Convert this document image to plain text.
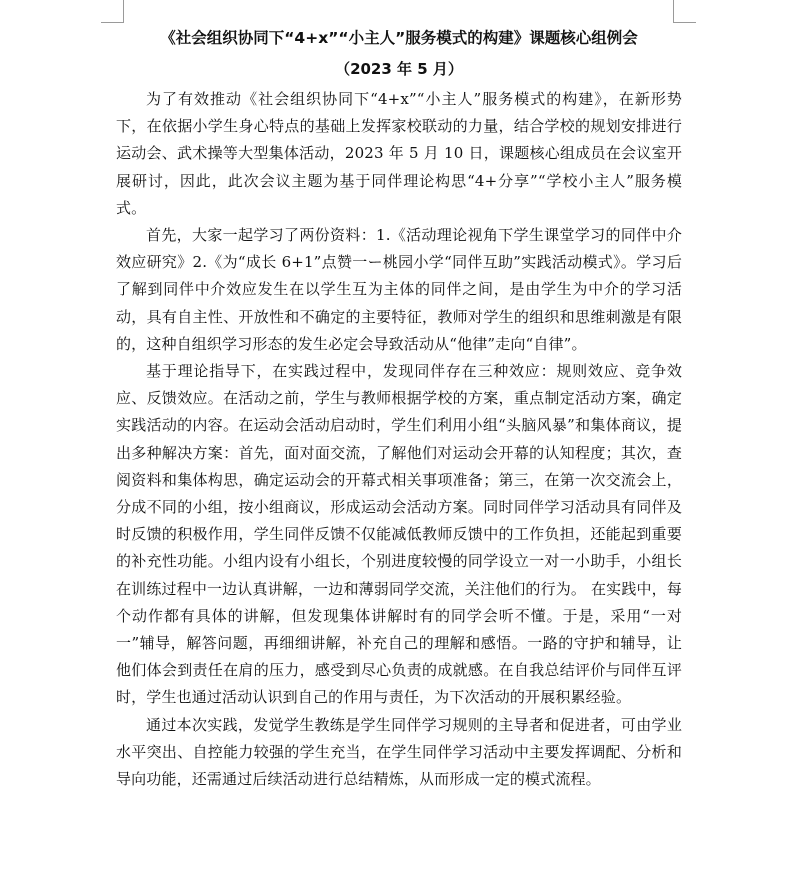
《社会组织协同下“4+x”“小主人”服务模式的构建》课题核心组例会
（2023 年 5 月）

为了有效推动《社会组织协同下“4+x”“小主人”服务模式的构建》，在新形势下，在依据小学生身心特点的基础上发挥家校联动的力量，结合学校的规划安排进行运动会、武术操等大型集体活动，2023 年 5 月 10 日，课题核心组成员在会议室开展研讨，因此，此次会议主题为基于同伴理论构思“4+分享”“学校小主人”服务模式。

首先，大家一起学习了两份资料：1.《活动理论视角下学生课堂学习的同伴中介效应研究》2.《为“成长 6+1”点赞一ー桃园小学“同伴互助”实践活动模式》。学习后了解到同伴中介效应发生在以学生互为主体的同伴之间，是由学生为中介的学习活动，具有自主性、开放性和不确定的主要特征，教师对学生的组织和思维刺激是有限的，这种自组织学习形态的发生必定会导致活动从“他律”走向“自律”。

基于理论指导下，在实践过程中，发现同伴存在三种效应：规则效应、竞争效应、反馈效应。在活动之前，学生与教师根据学校的方案，重点制定活动方案，确定实践活动的内容。在运动会活动启动时，学生们利用小组“头脑风暴”和集体商议，提出多种解决方案：首先，面对面交流，了解他们对运动会开幕的认知程度；其次，查阅资料和集体构思，确定运动会的开幕式相关事项准备；第三，在第一次交流会上，分成不同的小组，按小组商议，形成运动会活动方案。同时同伴学习活动具有同伴及时反馈的积极作用，学生同伴反馈不仅能减低教师反馈中的工作负担，还能起到重要的补充性功能。小组内设有小组长，个别进度较慢的同学设立一对一小助手，小组长在训练过程中一边认真讲解，一边和薄弱同学交流，关注他们的行为。 在实践中，每个动作都有具体的讲解，但发现集体讲解时有的同学会听不懂。于是，采用“一对一”辅导，解答问题，再细细讲解，补充自己的理解和感悟。一路的守护和辅导，让他们体会到责任在肩的压力，感受到尽心负责的成就感。在自我总结评价与同伴互评时，学生也通过活动认识到自己的作用与责任，为下次活动的开展积累经验。

通过本次实践，发觉学生教练是学生同伴学习规则的主导者和促进者，可由学业水平突出、自控能力较强的学生充当，在学生同伴学习活动中主要发挥调配、分析和导向功能，还需通过后续活动进行总结精炼，从而形成一定的模式流程。
